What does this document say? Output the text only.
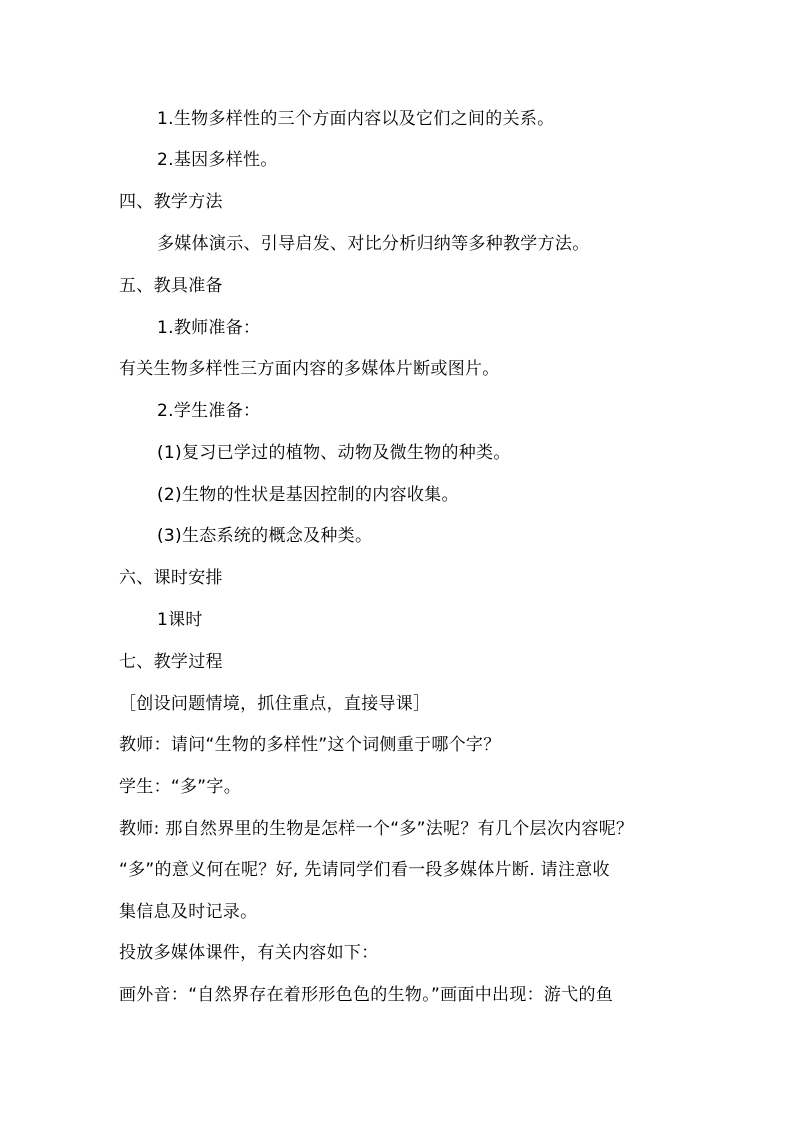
1.生物多样性的三个方面内容以及它们之间的关系。
2.基因多样性。
四、教学方法
多媒体演示、引导启发、对比分析归纳等多种教学方法。
五、教具准备
1.教师准备：
有关生物多样性三方面内容的多媒体片断或图片。
2.学生准备：
(1)复习已学过的植物、动物及微生物的种类。
(2)生物的性状是基因控制的内容收集。
(3)生态系统的概念及种类。
六、课时安排
1课时
七、教学过程
［创设问题情境，抓住重点，直接导课］
教师：请问“生物的多样性”这个词侧重于哪个字？
学生：“多”字。
教师: 那自然界里的生物是怎样一个“多”法呢？有几个层次内容呢？
“多”的意义何在呢？好, 先请同学们看一段多媒体片断. 请注意收
集信息及时记录。
投放多媒体课件，有关内容如下：
画外音：“自然界存在着形形色色的生物。”画面中出现：游弋的鱼
